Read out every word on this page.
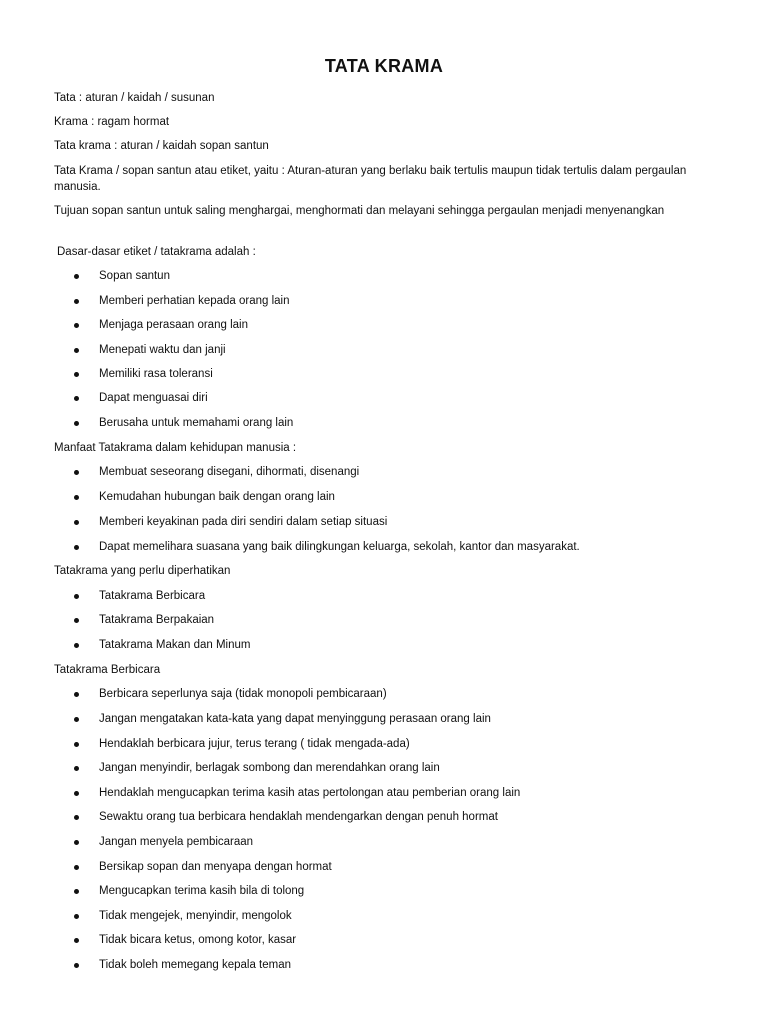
TATA KRAMA
Tata : aturan / kaidah / susunan
Krama : ragam hormat
Tata krama : aturan / kaidah sopan santun
Tata Krama / sopan santun atau etiket, yaitu : Aturan-aturan yang berlaku baik tertulis maupun tidak tertulis dalam pergaulan manusia.
Tujuan sopan santun untuk saling menghargai, menghormati dan melayani sehingga pergaulan menjadi menyenangkan
Dasar-dasar etiket / tatakrama adalah :
Sopan santun
Memberi perhatian kepada orang lain
Menjaga perasaan orang lain
Menepati waktu dan janji
Memiliki rasa toleransi
Dapat menguasai diri
Berusaha untuk memahami orang lain
Manfaat Tatakrama dalam kehidupan manusia :
Membuat seseorang disegani, dihormati, disenangi
Kemudahan hubungan baik dengan orang lain
Memberi keyakinan pada diri sendiri dalam setiap situasi
Dapat memelihara suasana yang baik dilingkungan keluarga, sekolah, kantor dan masyarakat.
Tatakrama yang perlu diperhatikan
Tatakrama Berbicara
Tatakrama Berpakaian
Tatakrama Makan dan Minum
Tatakrama Berbicara
Berbicara seperlunya saja (tidak monopoli pembicaraan)
Jangan mengatakan kata-kata yang dapat menyinggung perasaan orang lain
Hendaklah berbicara jujur, terus terang ( tidak mengada-ada)
Jangan menyindir, berlagak sombong dan merendahkan orang lain
Hendaklah mengucapkan terima kasih atas pertolongan atau pemberian orang lain
Sewaktu orang tua berbicara hendaklah mendengarkan dengan penuh hormat
Jangan menyela pembicaraan
Bersikap sopan dan menyapa dengan hormat
Mengucapkan terima kasih bila di tolong
Tidak mengejek, menyindir, mengolok
Tidak bicara ketus, omong kotor, kasar
Tidak boleh memegang kepala teman
